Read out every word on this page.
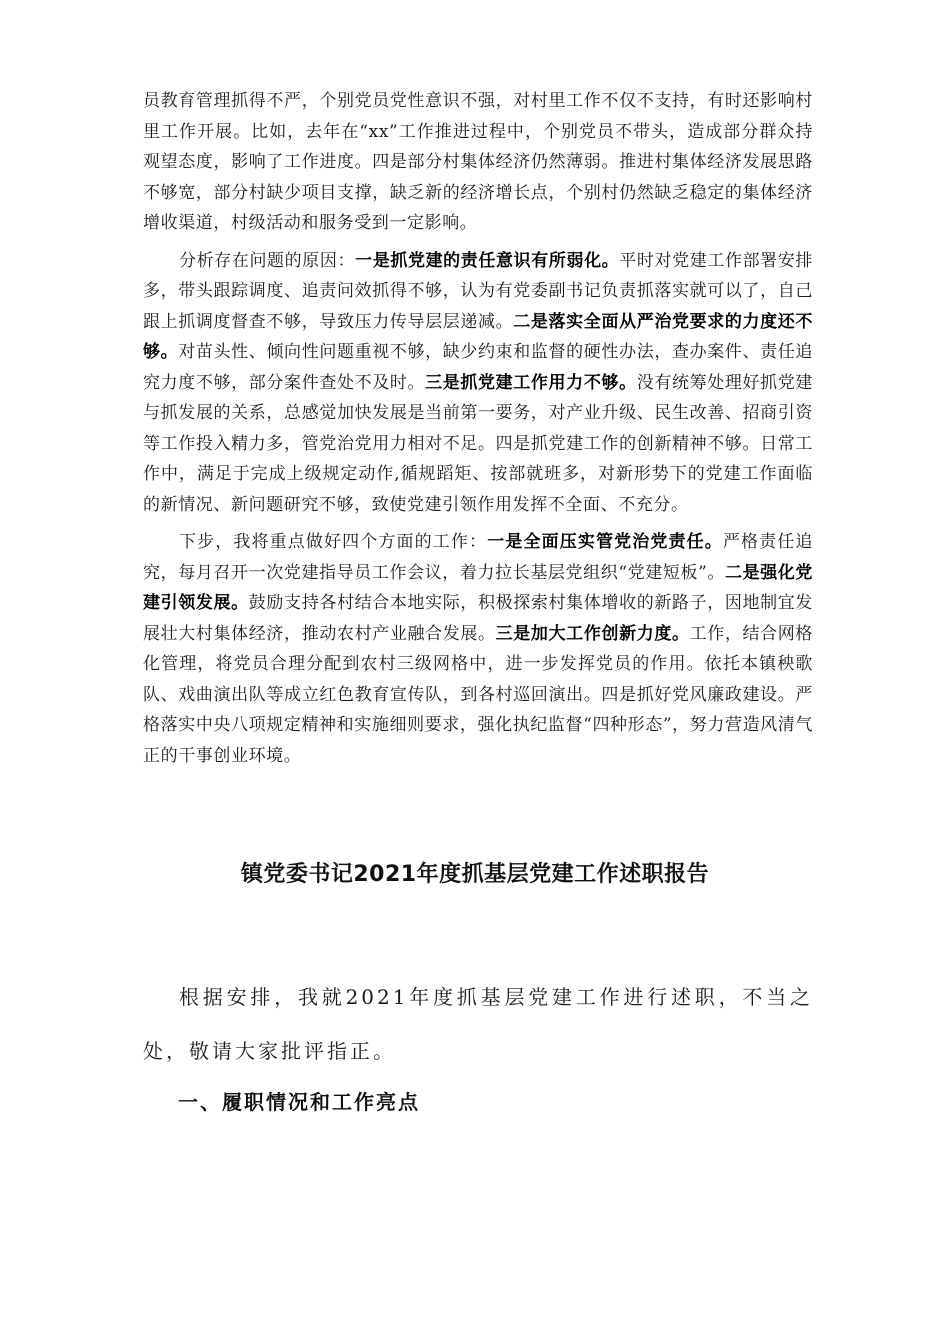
员教育管理抓得不严，个别党员党性意识不强，对村里工作不仅不支持，有时还影响村里工作开展。比如，去年在“xx”工作推进过程中，个别党员不带头，造成部分群众持观望态度，影响了工作进度。四是部分村集体经济仍然薄弱。推进村集体经济发展思路不够宽，部分村缺少项目支撑，缺乏新的经济增长点，个别村仍然缺乏稳定的集体经济增收渠道，村级活动和服务受到一定影响。

分析存在问题的原因：一是抓党建的责任意识有所弱化。平时对党建工作部署安排多，带头跟踪调度、追责问效抓得不够，认为有党委副书记负责抓落实就可以了，自己跟上抓调度督查不够，导致压力传导层层递减。二是落实全面从严治党要求的力度还不够。对苗头性、倾向性问题重视不够，缺少约束和监督的硬性办法，查办案件、责任追究力度不够，部分案件查处不及时。三是抓党建工作用力不够。没有统筹处理好抓党建与抓发展的关系，总感觉加快发展是当前第一要务，对产业升级、民生改善、招商引资等工作投入精力多，管党治党用力相对不足。四是抓党建工作的创新精神不够。日常工作中，满足于完成上级规定动作,循规蹈矩、按部就班多，对新形势下的党建工作面临的新情况、新问题研究不够，致使党建引领作用发挥不全面、不充分。

下步，我将重点做好四个方面的工作：一是全面压实管党治党责任。严格责任追究，每月召开一次党建指导员工作会议，着力拉长基层党组织“党建短板”。二是强化党建引领发展。鼓励支持各村结合本地实际，积极探索村集体增收的新路子，因地制宜发展壮大村集体经济，推动农村产业融合发展。三是加大工作创新力度。工作，结合网格化管理，将党员合理分配到农村三级网格中，进一步发挥党员的作用。依托本镇秧歌队、戏曲演出队等成立红色教育宣传队，到各村巡回演出。四是抓好党风廉政建设。严格落实中央八项规定精神和实施细则要求，强化执纪监督“四种形态”，努力营造风清气正的干事创业环境。

镇党委书记2021年度抓基层党建工作述职报告

根据安排，我就2021年度抓基层党建工作进行述职，不当之处，敬请大家批评指正。

一、履职情况和工作亮点
